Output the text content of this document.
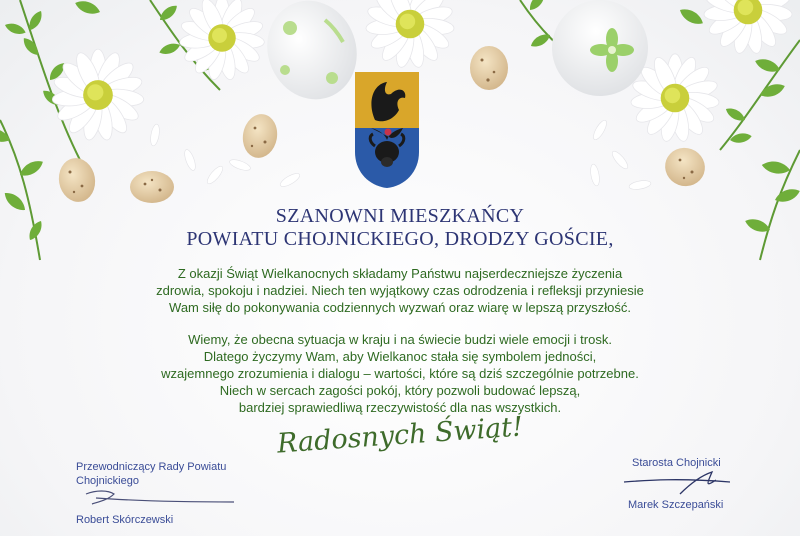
SZANOWNI MIESZKAŃCY
POWIATU CHOJNICKIEGO, DRODZY GOŚCIE,
Z okazji Świąt Wielkanocnych składamy Państwu najserdeczniejsze życzenia
zdrowia, spokoju i nadziei. Niech ten wyjątkowy czas odrodzenia i refleksji przyniesie
Wam siłę do pokonywania codziennych wyzwań oraz wiarę w lepszą przyszłość.
Wiemy, że obecna sytuacja w kraju i na świecie budzi wiele emocji i trosk.
Dlatego życzymy Wam, aby Wielkanoc stała się symbolem jedności,
wzajemnego zrozumienia i dialogu – wartości, które są dziś szczególnie potrzebne.
Niech w sercach zagości pokój, który pozwoli budować lepszą,
bardziej sprawiedliwą rzeczywistość dla nas wszystkich.
Radosnych Świąt!
Przewodniczący Rady Powiatu
Chojnickiego
Robert Skórczewski
Starosta Chojnicki
Marek Szczepański
